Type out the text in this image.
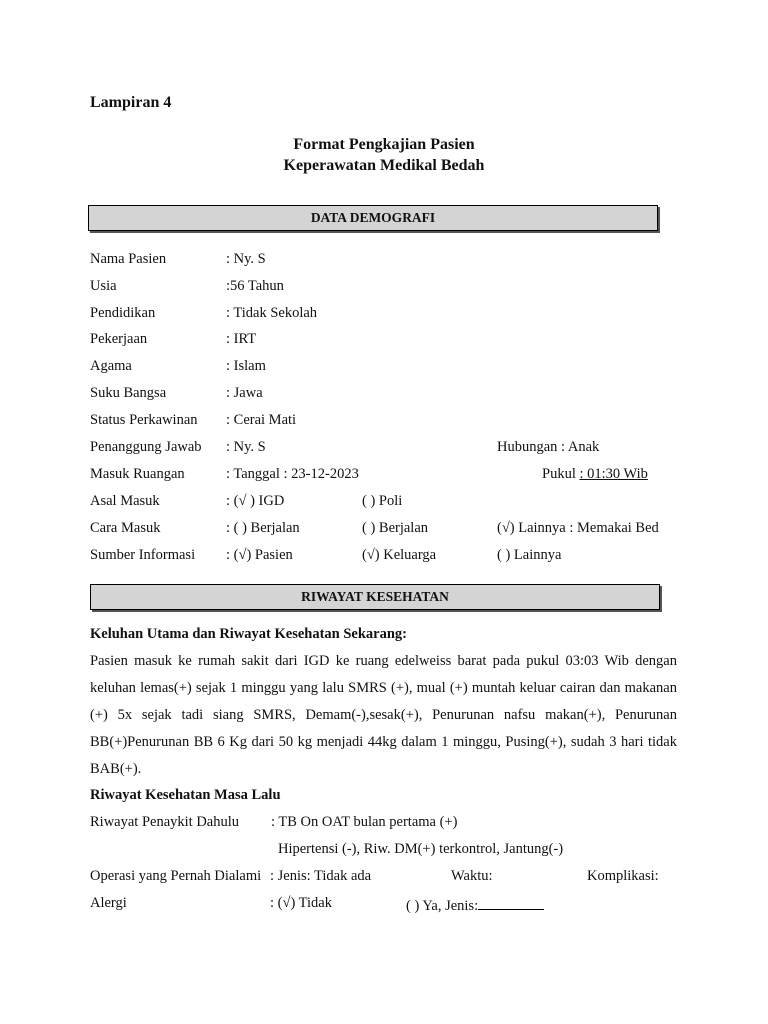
Lampiran 4
Format Pengkajian Pasien
Keperawatan Medikal Bedah
DATA DEMOGRAFI
Nama Pasien	: Ny. S
Usia	:56 Tahun
Pendidikan	: Tidak Sekolah
Pekerjaan	: IRT
Agama	: Islam
Suku Bangsa	: Jawa
Status Perkawinan : Cerai Mati
Penanggung Jawab : Ny. S	Hubungan : Anak
Masuk Ruangan	: Tanggal : 23-12-2023	Pukul : 01:30 Wib
Asal Masuk	: (√ ) IGD	( ) Poli
Cara Masuk	: ( ) Berjalan	( ) Berjalan	(√) Lainnya : Memakai Bed
Sumber Informasi : (√) Pasien	(√) Keluarga	( ) Lainnya
RIWAYAT KESEHATAN
Keluhan Utama dan Riwayat Kesehatan Sekarang:
Pasien masuk ke rumah sakit dari IGD ke ruang edelweiss barat pada pukul 03:03 Wib dengan keluhan lemas(+) sejak 1 minggu yang lalu SMRS (+), mual (+) muntah keluar cairan dan makanan (+) 5x sejak tadi siang SMRS, Demam(-),sesak(+), Penurunan nafsu makan(+), Penurunan BB(+)Penurunan BB 6 Kg dari 50 kg menjadi 44kg dalam 1 minggu, Pusing(+), sudah 3 hari tidak BAB(+).
Riwayat Kesehatan Masa Lalu
Riwayat Penaykit Dahulu : TB On OAT bulan pertama (+)
Hipertensi (-), Riw. DM(+) terkontrol, Jantung(-)
Operasi yang Pernah Dialami : Jenis: Tidak ada	Waktu:	Komplikasi:
Alergi	: (√) Tidak	( ) Ya, Jenis:
